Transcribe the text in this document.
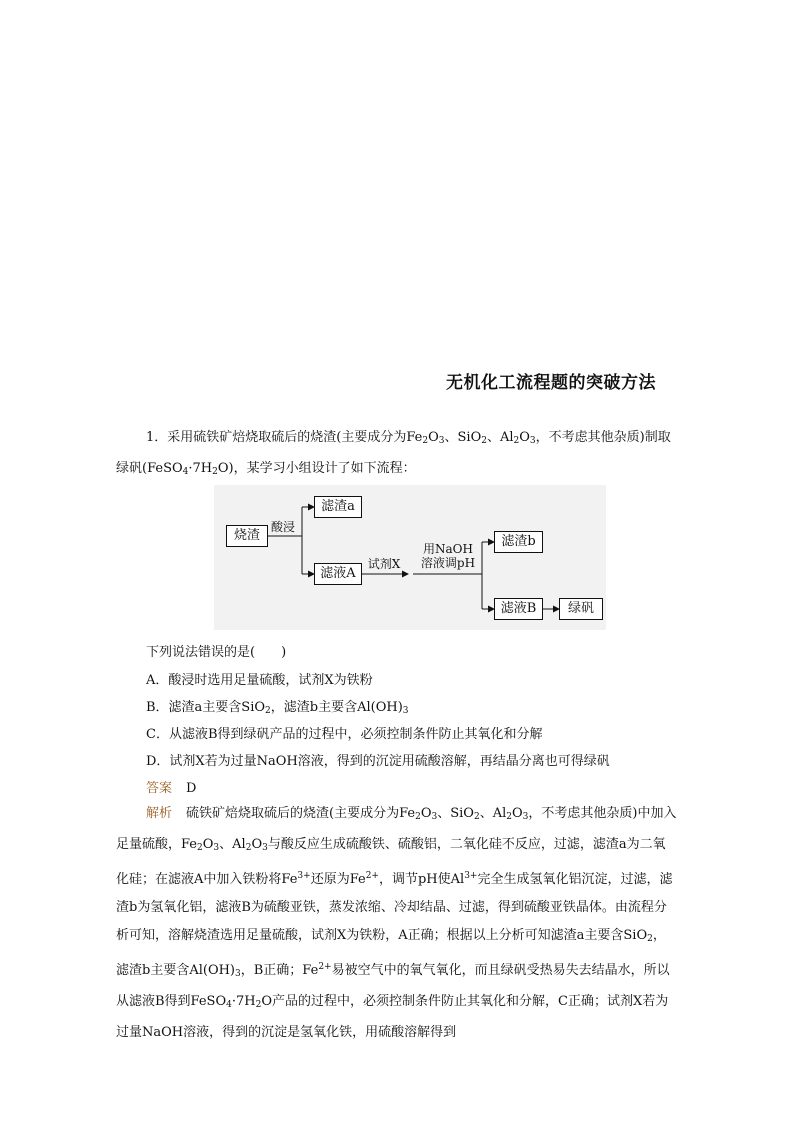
无机化工流程题的突破方法
1．采用硫铁矿焙烧取硫后的烧渣(主要成分为$Fe_2O_3$、SiO$_2$、$Al_2O_3$，不考虑其他杂质)制取绿矾$(FeSO_4\cdot 7H_2O)$，某学习小组设计了如下流程：
烧渣
酸浸
滤渣a
滤液A
试剂X
用NaOH
溶液调pH
滤渣b
滤液B	绿矾
下列说法错误的是(　　)
A．酸浸时选用足量硫酸，试剂X为铁粉
B．滤渣a主要含SiO$_2$，滤渣b主要含$Al(OH)_3$
C．从滤液B得到绿矾产品的过程中，必须控制条件防止其氧化和分解
D．试剂X若为过量NaOH溶液，得到的沉淀用硫酸溶解，再结晶分离也可得绿矾
答案 D
解析 硫铁矿焙烧取硫后的烧渣(主要成分为$Fe_2O_3$、SiO$_2$、$Al_2O_3$，不考虑其他杂质)中加入足量硫酸，$Fe_2O_3$、$Al_2O_3$与酸反应生成硫酸铁、硫酸铝，二氧化硅不反应，过滤，滤渣a为二氧化硅；在滤液A中加入铁粉将$Fe^{3+}$还原为$Fe^{2+}$，调节pH使$Al^{3+}$完全生成氢氧化铝沉淀，过滤，滤渣b为氢氧化铝，滤液B为硫酸亚铁，蒸发浓缩、冷却结晶、过滤，得到硫酸亚铁晶体。由流程分析可知，溶解烧渣选用足量硫酸，试剂X为铁粉，A正确；根据以上分析可知滤渣a主要含SiO$_2$，滤渣b主要含$Al(OH)_3$，B正确；$Fe^{2+}$易被空气中的氧气氧化，而且绿矾受热易失去结晶水，所以从滤液B得到$FeSO_4\cdot 7H_2O$产品的过程中，必须控制条件防止其氧化和分解，C正确；试剂X若为过量NaOH溶液，得到的沉淀是氢氧化铁，用硫酸溶解得到
